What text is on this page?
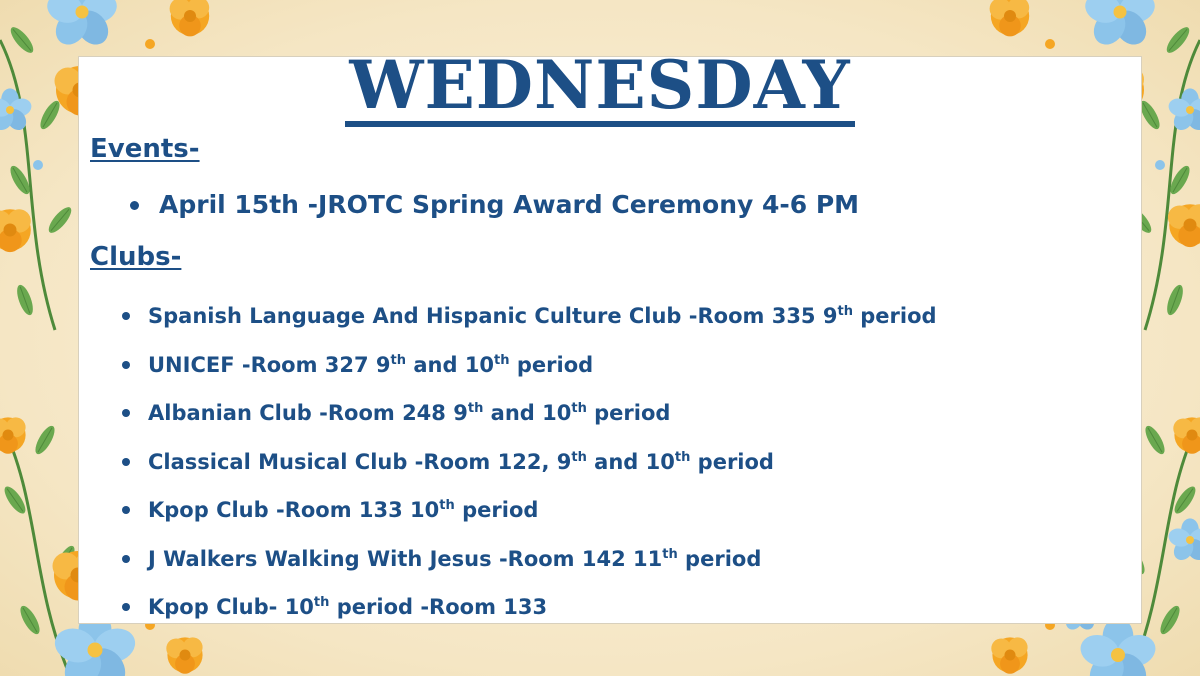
WEDNESDAY

Events-

April 15th -JROTC Spring Award Ceremony 4-6 PM

Clubs-

Spanish Language And Hispanic Culture Club -Room 335 9th period
UNICEF -Room 327 9th and 10th period
Albanian Club -Room 248 9th and 10th period
Classical Musical Club -Room 122, 9th and 10th period
Kpop Club -Room 133 10th period
J Walkers Walking With Jesus -Room 142 11th period
Kpop Club- 10th period -Room 133
